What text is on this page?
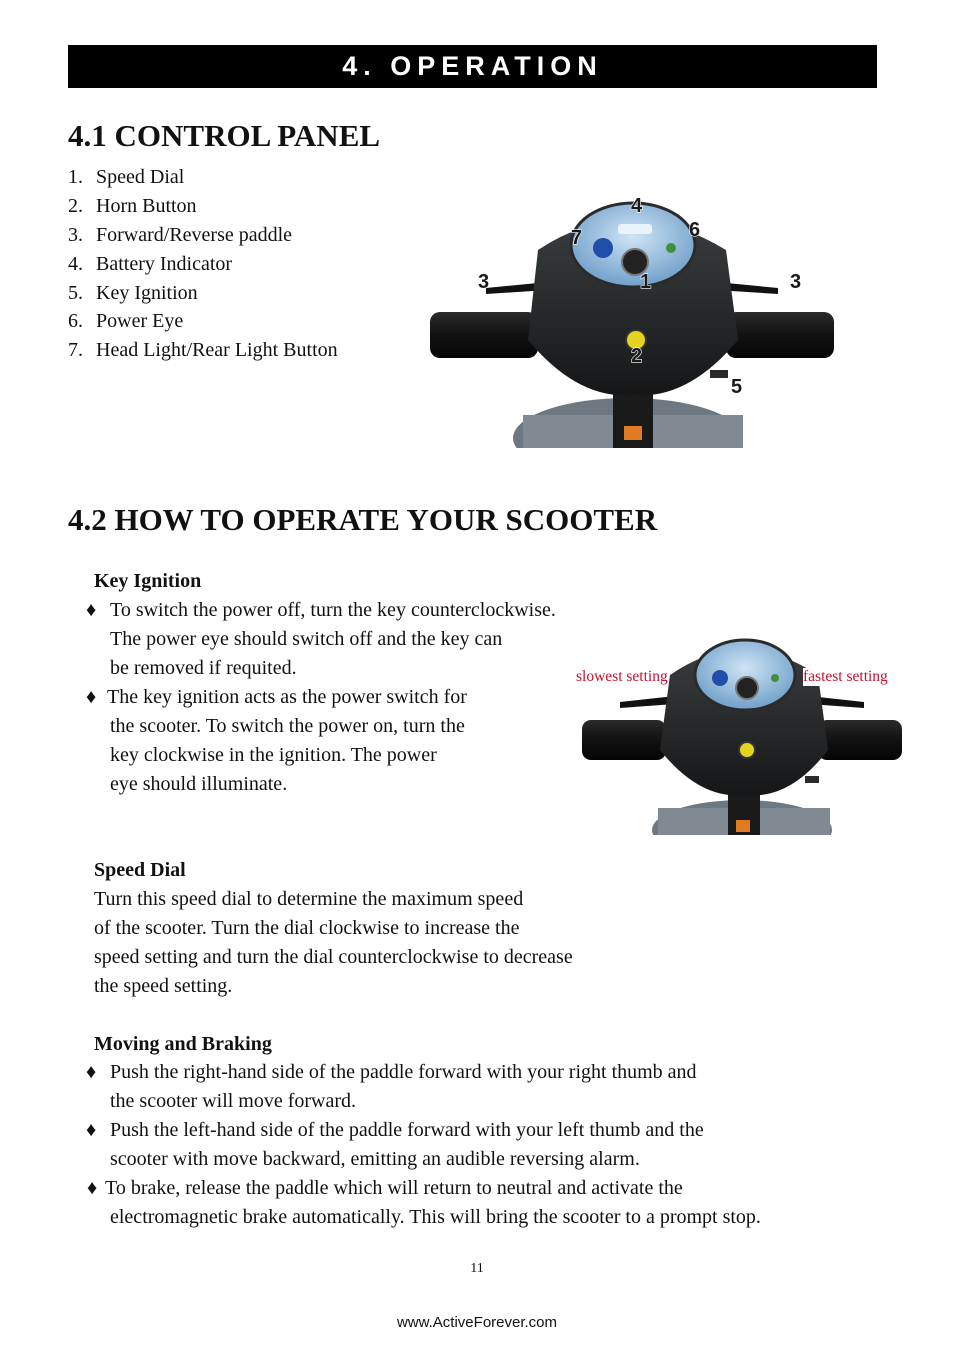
4. OPERATION
4.1 CONTROL PANEL
1. Speed Dial
2. Horn Button
3. Forward/Reverse paddle
4. Battery Indicator
5. Key Ignition
6. Power Eye
7. Head Light/Rear Light Button
4
7	6
3	1	3
2
5
4.2 HOW TO OPERATE YOUR SCOOTER
Key Ignition
♦ To switch the power off, turn the key counterclockwise.
The power eye should switch off and the key can
be removed if requited.
♦ The key ignition acts as the power switch for
the scooter. To switch the power on, turn the
key clockwise in the ignition. The power
eye should illuminate.
slowest setting	fastest setting
Speed Dial
Turn this speed dial to determine the maximum speed
of the scooter. Turn the dial clockwise to increase the
speed setting and turn the dial counterclockwise to decrease
the speed setting.
Moving and Braking
♦ Push the right-hand side of the paddle forward with your right thumb and
the scooter will move forward.
♦ Push the left-hand side of the paddle forward with your left thumb and the
scooter with move backward, emitting an audible reversing alarm.
♦ To brake, release the paddle which will return to neutral and activate the
electromagnetic brake automatically. This will bring the scooter to a prompt stop.
11
www.ActiveForever.com
